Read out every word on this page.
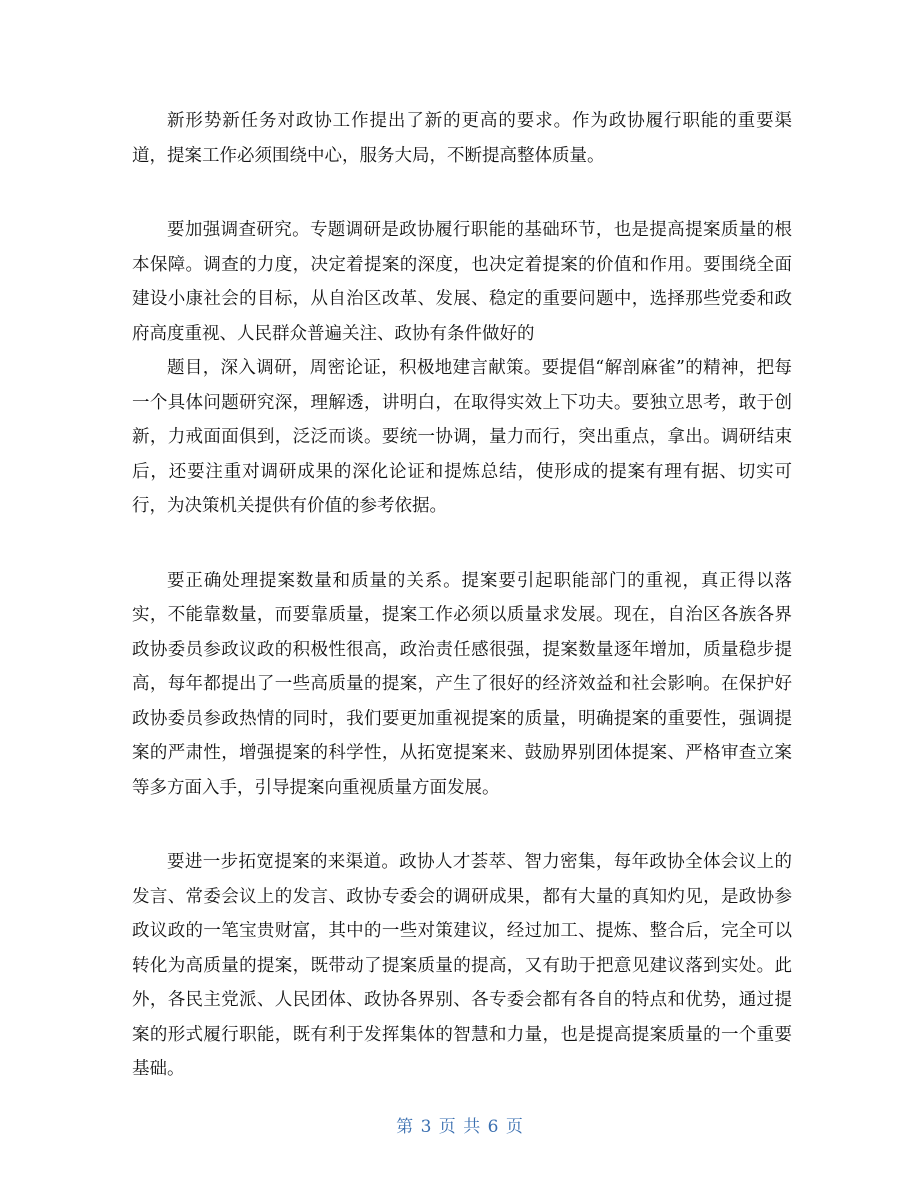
新形势新任务对政协工作提出了新的更高的要求。作为政协履行职能的重要渠道，提案工作必须围绕中心，服务大局，不断提高整体质量。

要加强调查研究。专题调研是政协履行职能的基础环节，也是提高提案质量的根本保障。调查的力度，决定着提案的深度，也决定着提案的价值和作用。要围绕全面建设小康社会的目标，从自治区改革、发展、稳定的重要问题中，选择那些党委和政府高度重视、人民群众普遍关注、政协有条件做好的

题目，深入调研，周密论证，积极地建言献策。要提倡“解剖麻雀”的精神，把每一个具体问题研究深，理解透，讲明白，在取得实效上下功夫。要独立思考，敢于创新，力戒面面俱到，泛泛而谈。要统一协调，量力而行，突出重点，拿出。调研结束后，还要注重对调研成果的深化论证和提炼总结，使形成的提案有理有据、切实可行，为决策机关提供有价值的参考依据。

要正确处理提案数量和质量的关系。提案要引起职能部门的重视，真正得以落实，不能靠数量，而要靠质量，提案工作必须以质量求发展。现在，自治区各族各界政协委员参政议政的积极性很高，政治责任感很强，提案数量逐年增加，质量稳步提高，每年都提出了一些高质量的提案，产生了很好的经济效益和社会影响。在保护好政协委员参政热情的同时，我们要更加重视提案的质量，明确提案的重要性，强调提案的严肃性，增强提案的科学性，从拓宽提案来、鼓励界别团体提案、严格审查立案等多方面入手，引导提案向重视质量方面发展。

要进一步拓宽提案的来渠道。政协人才荟萃、智力密集，每年政协全体会议上的发言、常委会议上的发言、政协专委会的调研成果，都有大量的真知灼见，是政协参政议政的一笔宝贵财富，其中的一些对策建议，经过加工、提炼、整合后，完全可以转化为高质量的提案，既带动了提案质量的提高，又有助于把意见建议落到实处。此外，各民主党派、人民团体、政协各界别、各专委会都有各自的特点和优势，通过提案的形式履行职能，既有利于发挥集体的智慧和力量，也是提高提案质量的一个重要基础。

第 3 页 共 6 页
